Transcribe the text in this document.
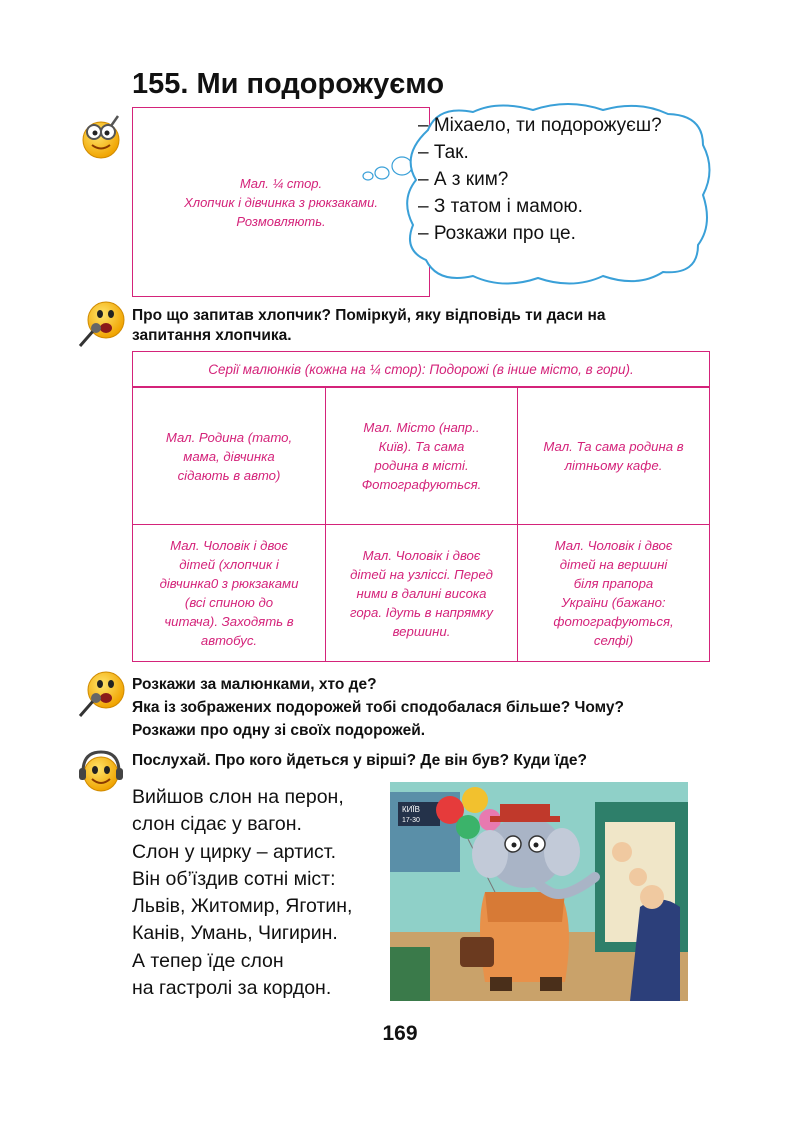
155. Ми подорожуємо
Мал. ¼ стор.
Хлопчик і дівчинка з рюкзаками.
Розмовляють.
– Міхаело, ти подорожуєш?
– Так.
– А з ким?
– З татом і мамою.
– Розкажи про це.
Про що запитав хлопчик? Поміркуй, яку відповідь ти даси на
запитання хлопчика.
Серії малюнків (кожна на ¼ стор): Подорожі (в інше місто, в гори).
Мал. Родина (тато,
мама, дівчинка
сідають в авто)
Мал. Місто (напр..
Київ). Та сама
родина в місті.
Фотографуються.
Мал. Та сама родина в
літньому кафе.
Мал. Чоловік і двоє
дітей (хлопчик і
дівчинка0 з рюкзаками
(всі спиною до
читача). Заходять в
автобус.
Мал. Чоловік і двоє
дітей на узліссі. Перед
ними в далині висока
гора. Ідуть в напрямку
вершини.
Мал. Чоловік і двоє
дітей на вершині
біля прапора
України (бажано:
фотографуються,
селфі)
Розкажи за малюнками, хто де?
Яка із зображених подорожей тобі сподобалася більше? Чому?
Розкажи про одну зі своїх подорожей.
Послухай. Про кого йдеться у вірші? Де він був? Куди їде?
Вийшов слон на перон,
слон сідає у вагон.
Слон у цирку – артист.
Він об’їздив сотні міст:
Львів, Житомир, Яготин,
Канів, Умань, Чигирин.
А тепер їде слон
на гастролі за кордон.
КИЇВ
17-30
169
